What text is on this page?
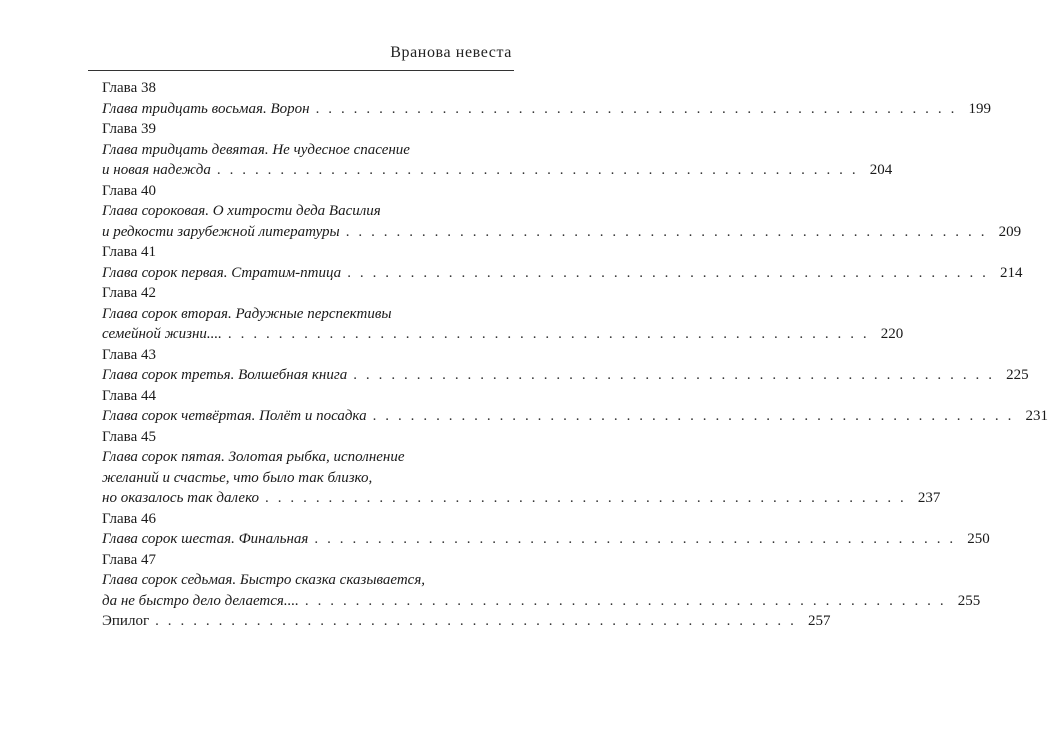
Вранова невеста
Глава 38
Глава тридцать восьмая. Ворон . . . . . . . . . . . . . . . . . . . . . . . . . . . . . . . . . . . . . . . . . . . . . . . . . . . 199
Глава 39
Глава тридцать девятая. Не чудесное спасение
и новая надежда . . . . . . . . . . . . . . . . . . . . . . . . . . . . . . . . . . . . . . . . . . . . . . . . . . . 204
Глава 40
Глава сороковая. О хитрости деда Василия
и редкости зарубежной литературы . . . . . . . . . . . . . . . . . . . . . . . . . . . . . . . . . . . . . . . . . . . . . . . . . . . 209
Глава 41
Глава сорок первая. Стратим-птица . . . . . . . . . . . . . . . . . . . . . . . . . . . . . . . . . . . . . . . . . . . . . . . . . . . 214
Глава 42
Глава сорок вторая. Радужные перспективы
семейной жизни.... . . . . . . . . . . . . . . . . . . . . . . . . . . . . . . . . . . . . . . . . . . . . . . . . . . . 220
Глава 43
Глава сорок третья. Волшебная книга . . . . . . . . . . . . . . . . . . . . . . . . . . . . . . . . . . . . . . . . . . . . . . . . . . . 225
Глава 44
Глава сорок четвёртая. Полёт и посадка . . . . . . . . . . . . . . . . . . . . . . . . . . . . . . . . . . . . . . . . . . . . . . . . . . . 231
Глава 45
Глава сорок пятая. Золотая рыбка, исполнение
желаний и счастье, что было так близко,
но оказалось так далеко . . . . . . . . . . . . . . . . . . . . . . . . . . . . . . . . . . . . . . . . . . . . . . . . . . . 237
Глава 46
Глава сорок шестая. Финальная . . . . . . . . . . . . . . . . . . . . . . . . . . . . . . . . . . . . . . . . . . . . . . . . . . . 250
Глава 47
Глава сорок седьмая. Быстро сказка сказывается,
да не быстро дело делается.... . . . . . . . . . . . . . . . . . . . . . . . . . . . . . . . . . . . . . . . . . . . . . . . . . . . 255
Эпилог . . . . . . . . . . . . . . . . . . . . . . . . . . . . . . . . . . . . . . . . . . . . . . . . . . . 257
